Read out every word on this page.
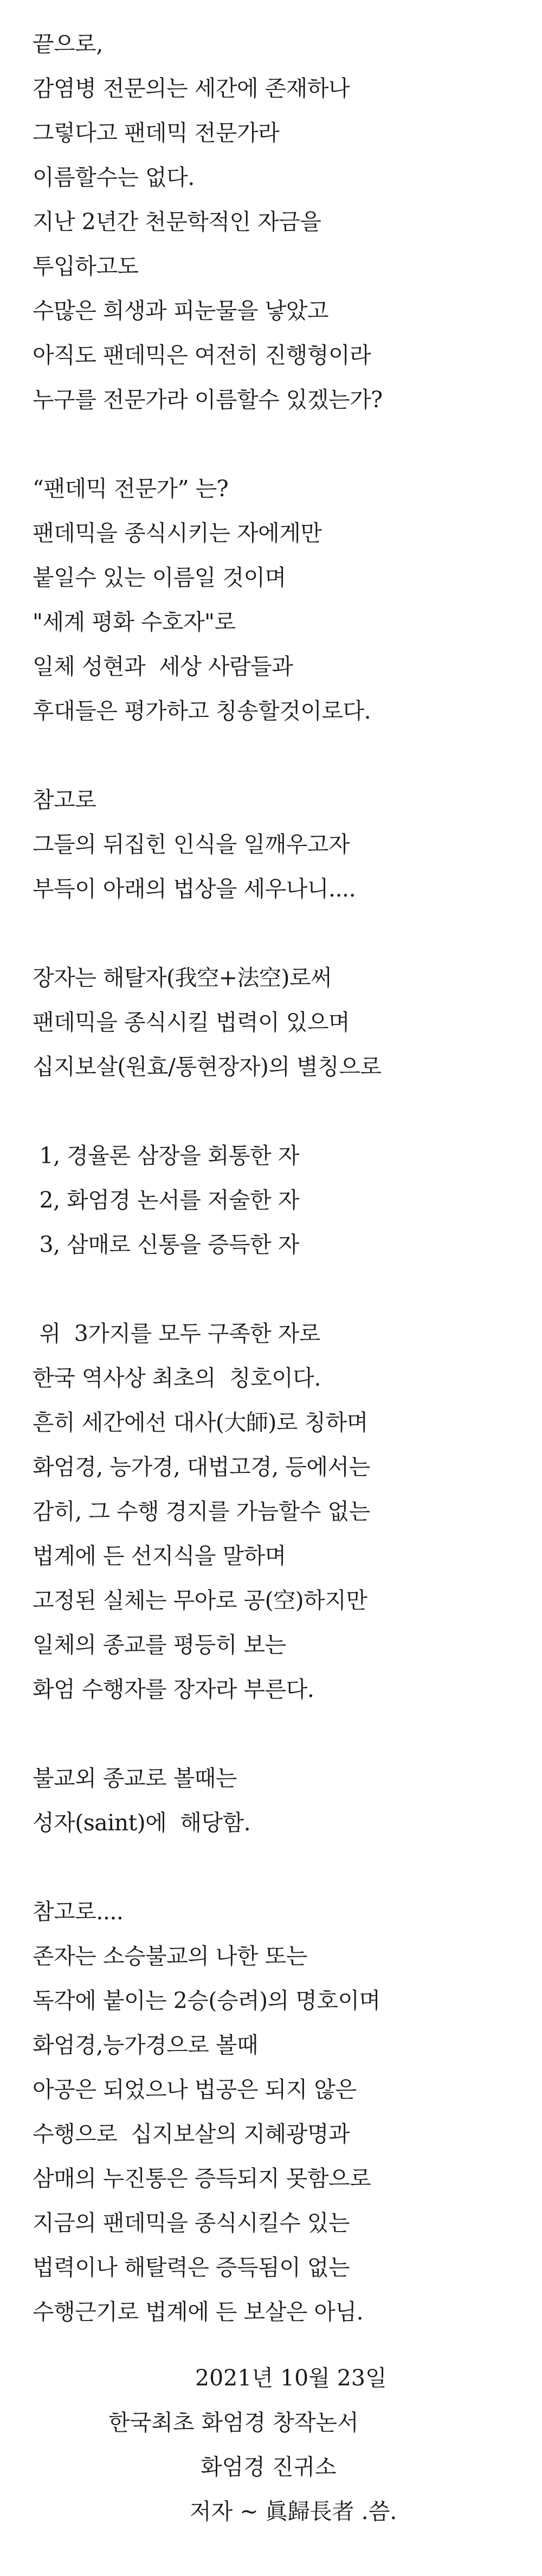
끝으로,
감염병 전문의는 세간에 존재하나
그렇다고 팬데믹 전문가라
이름할수는 없다.
지난 2년간 천문학적인 자금을
투입하고도
수많은 희생과 피눈물을 낳았고
아직도 팬데믹은 여전히 진행형이라
누구를 전문가라 이름할수 있겠는가?
“팬데믹 전문가” 는?
팬데믹을 종식시키는 자에게만
붙일수 있는 이름일 것이며
"세계 평화 수호자"로
일체 성현과  세상 사람들과
후대들은 평가하고 칭송할것이로다.
참고로
그들의 뒤집힌 인식을 일깨우고자
부득이 아래의 법상을 세우나니....
장자는 해탈자(我空+法空)로써
팬데믹을 종식시킬 법력이 있으며
십지보살(원효/통현장자)의 별칭으로
1, 경율론 삼장을 회통한 자
2, 화엄경 논서를 저술한 자
3, 삼매로 신통을 증득한 자
위  3가지를 모두 구족한 자로
한국 역사상 최초의  칭호이다.
흔히 세간에선 대사(大師)로 칭하며
화엄경, 능가경, 대법고경, 등에서는
감히, 그 수행 경지를 가늠할수 없는
법계에 든 선지식을 말하며
고정된 실체는 무아로 공(空)하지만
일체의 종교를 평등히 보는
화엄 수행자를 장자라 부른다.
불교외 종교로 볼때는
성자(saint)에  해당함.
참고로....
존자는 소승불교의 나한 또는
독각에 붙이는 2승(승려)의 명호이며
화엄경,능가경으로 볼때
아공은 되었으나 법공은 되지 않은
수행으로  십지보살의 지혜광명과
삼매의 누진통은 증득되지 못함으로
지금의 팬데믹을 종식시킬수 있는
법력이나 해탈력은 증득됨이 없는
수행근기로 법계에 든 보살은 아님.
2021년 10월 23일
한국최초 화엄경 창작논서
화엄경 진귀소
저자 ~ 眞歸長者 .씀.
